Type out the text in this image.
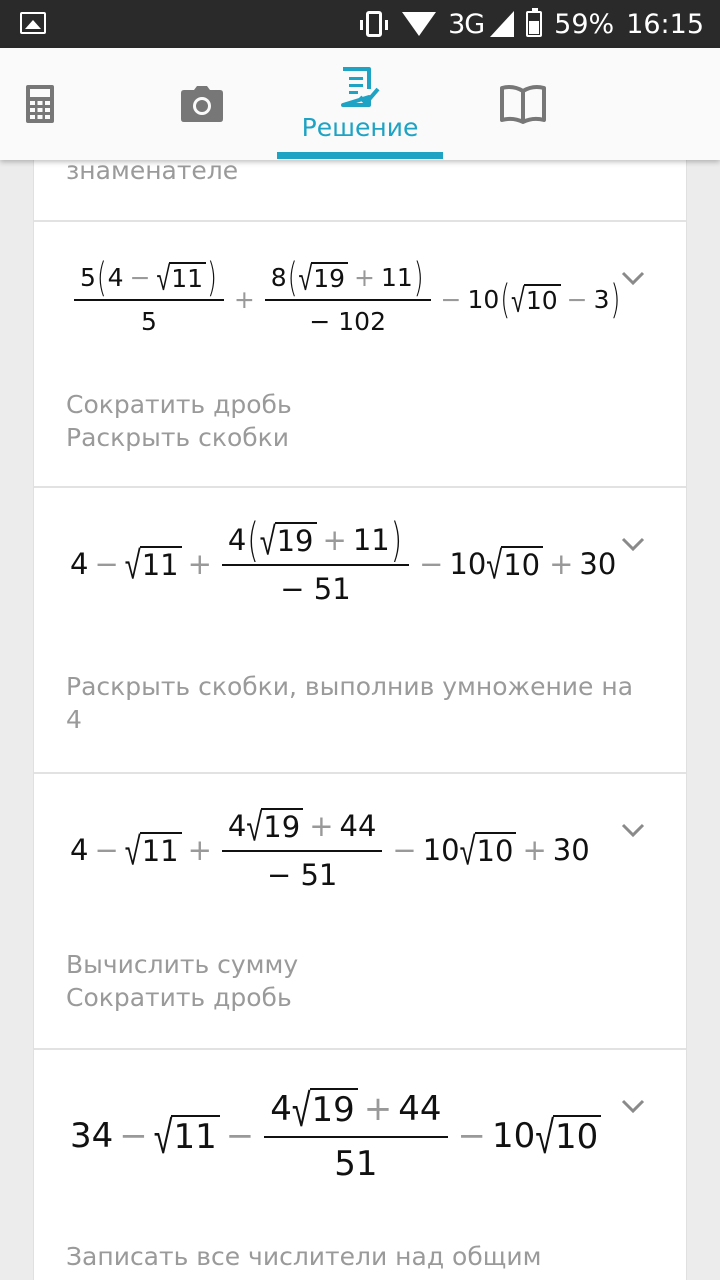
3G	59% 16:15
Решение
знаменателе
5 ( 4 − √ 11 )
5
+
8 ( √ 19 + 11 )
− 102
− 10 ( √ 10 − 3 )
Сократить дробь
Раскрыть скобки
4 − √ 11 +
4 ( √ 19 + 11 )
− 51
− 10 √ 10 + 30
Раскрыть скобки, выполнив умножение на 4
4 − √ $11 + \frac{4 √ 19 + 44}{- 51} - 10$ √ 10 + 30
Вычислить сумму
Сократить дробь
34 − √ $11 - \frac{4 √ 19 + 44}{51} - 10$ √ 10
Записать все числители над общим
